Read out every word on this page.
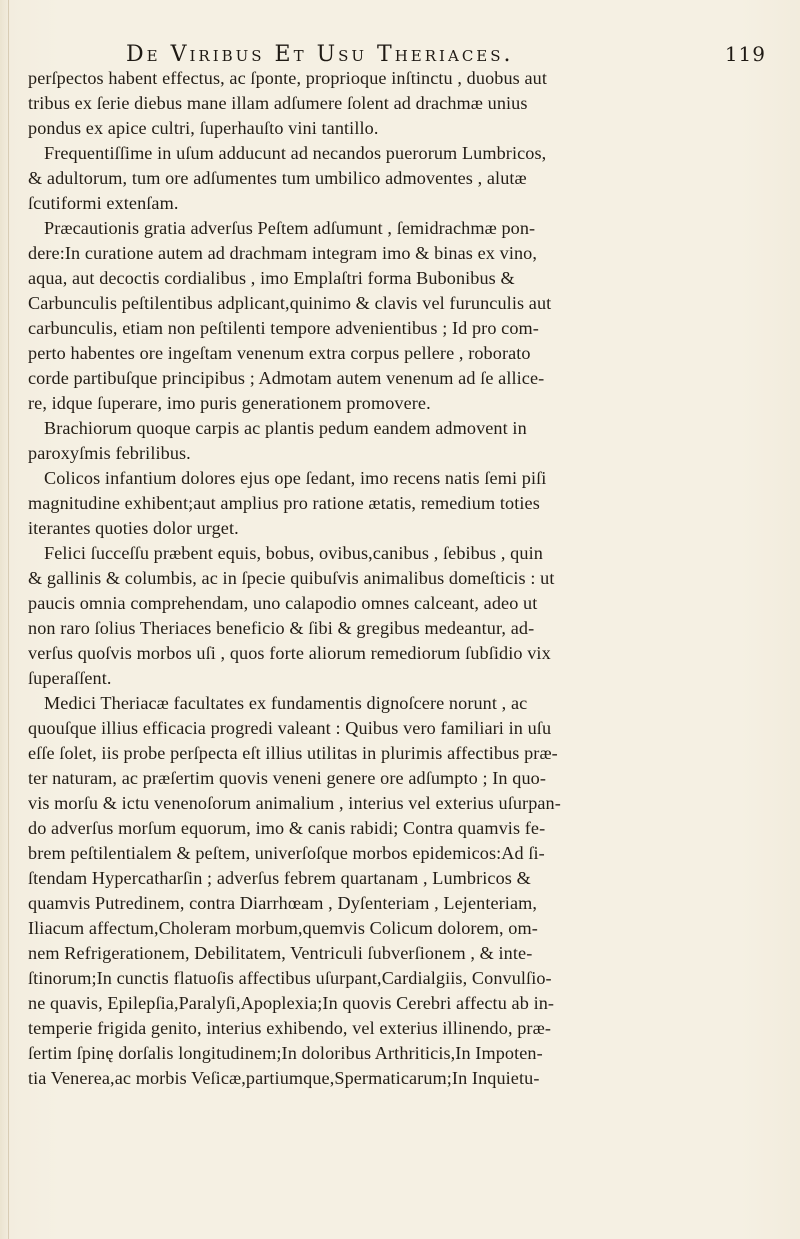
De Viribus Et Usu Theriaces.	119
perſpectos habent effectus, ac ſponte, proprioque inſtinctu , duobus aut
tribus ex ſerie diebus mane illam adſumere ſolent ad drachmæ unius
pondus ex apice cultri, ſuperhauſto vini tantillo.
Frequentiſſime in uſum adducunt ad necandos puerorum Lumbricos,
& adultorum, tum ore adſumentes tum umbilico admoventes , alutæ
ſcutiformi extenſam.
Præcautionis gratia adverſus Peſtem adſumunt , ſemidrachmæ pon-
dere:In curatione autem ad drachmam integram imo & binas ex vino,
aqua, aut decoctis cordialibus , imo Emplaſtri forma Bubonibus &
Carbunculis peſtilentibus adplicant,quinimo & clavis vel furunculis aut
carbunculis, etiam non peſtilenti tempore advenientibus ; Id pro com-
perto habentes ore ingeſtam venenum extra corpus pellere , roborato
corde partibuſque principibus ; Admotam autem venenum ad ſe allice-
re, idque ſuperare, imo puris generationem promovere.
Brachiorum quoque carpis ac plantis pedum eandem admovent in
paroxyſmis febrilibus.
Colicos infantium dolores ejus ope ſedant, imo recens natis ſemi piſi
magnitudine exhibent;aut amplius pro ratione ætatis, remedium toties
iterantes quoties dolor urget.
Felici ſucceſſu præbent equis, bobus, ovibus,canibus , ſebibus , quin
& gallinis & columbis, ac in ſpecie quibuſvis animalibus domeſticis : ut
paucis omnia comprehendam, uno calapodio omnes calceant, adeo ut
non raro ſolius Theriaces beneficio & ſibi & gregibus medeantur, ad-
verſus quoſvis morbos uſi , quos forte aliorum remediorum ſubſidio vix
ſuperaſſent.
Medici Theriacæ facultates ex fundamentis dignoſcere norunt , ac
quouſque illius efficacia progredi valeant : Quibus vero familiari in uſu
eſſe ſolet, iis probe perſpecta eſt illius utilitas in plurimis affectibus præ-
ter naturam, ac præſertim quovis veneni genere ore adſumpto ; In quo-
vis morſu & ictu venenoſorum animalium , interius vel exterius uſurpan-
do adverſus morſum equorum, imo & canis rabidi; Contra quamvis fe-
brem peſtilentialem & peſtem, univerſoſque morbos epidemicos:Ad ſi-
ſtendam Hypercatharſin ; adverſus febrem quartanam , Lumbricos &
quamvis Putredinem, contra Diarrhœam , Dyſenteriam , Lejenteriam,
Iliacum affectum,Choleram morbum,quemvis Colicum dolorem, om-
nem Refrigerationem, Debilitatem, Ventriculi ſubverſionem , & inte-
ſtinorum;In cunctis flatuoſis affectibus uſurpant,Cardialgiis, Convulſio-
ne quavis, Epilepſia,Paralyſi,Apoplexia;In quovis Cerebri affectu ab in-
temperie frigida genito, interius exhibendo, vel exterius illinendo, præ-
ſertim ſpinę dorſalis longitudinem;In doloribus Arthriticis,In Impoten-
tia Venerea,ac morbis Veſicæ,partiumque,Spermaticarum;In Inquietu-
